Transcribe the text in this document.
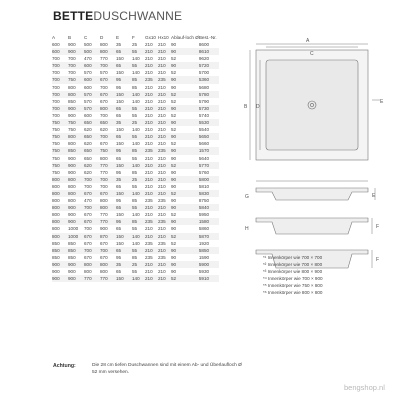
BETTEDUSCHWANNE
A	B	C	D	E	F	Gx10	Hx10	Ablauf-loch Ø	Best.-Nr.
600	900	500	800	35	25	210	210	90	8600
600	900	500	800	65	55	210	210	90	8610
700	700	470	770	150	140	210	210	52	9620
700	700	600	700	65	55	210	210	90	5720
700	700	570	570	150	140	210	210	52	5700
700	750	600	670	95	85	235	235	90	5360
700	800	600	700	95	85	210	210	90	5680
700	800	570	670	150	140	210	210	52	5780
700	850	570	670	150	140	210	210	52	5790
700	900	570	800	65	55	210	210	90	5730
700	900	600	700	65	55	210	210	52	5740
750	750	650	650	35	25	210	210	90	5530
750	750	620	620	150	140	210	210	52	5540
750	800	650	700	65	55	210	210	90	5650
750	800	620	670	150	140	210	210	52	5660
750	850	650	750	95	85	235	235	90	1570
750	900	650	800	65	55	210	210	90	5640
750	900	620	770	150	140	210	210	52	5770
750	900	620	770	95	85	210	210	90	5760
800	800	700	700	35	25	210	210	90	5800
800	800	700	700	65	55	210	210	90	5810
800	800	670	670	150	140	210	210	52	5830
800	800	470	800	95	85	235	235	90	8750
800	900	700	800	65	55	210	210	90	5840
800	900	670	770	150	140	210	210	52	5950
800	900	670	770	95	85	235	235	90	1580
800	1000	700	900	65	55	210	210	90	5860
800	1000	670	870	150	140	210	210	52	5870
850	850	670	670	150	140	235	235	52	1920
850	850	700	700	65	55	210	210	90	5850
850	850	670	670	95	85	235	235	90	1590
900	900	800	800	35	25	210	210	90	5900
900	900	800	800	65	55	210	210	90	5930
900	900	770	770	150	140	210	210	52	5910
A
C
B D
E
E
F
F
G
H
*¹ Innenkörper wie 700 × 700
*² Innenkörper wie 700 × 800
*³ Innenkörper wie 800 × 900
*⁴ Innenkörper wie 700 × 900
*⁵ Innenkörper wie 750 × 800
*⁶ Innenkörper wie 800 × 800
Achtung:	Die 28 cm tiefen Duschwannen sind mit einem Ab- und Überlaufloch Ø 52 mm versehen.
bengshop.nl
